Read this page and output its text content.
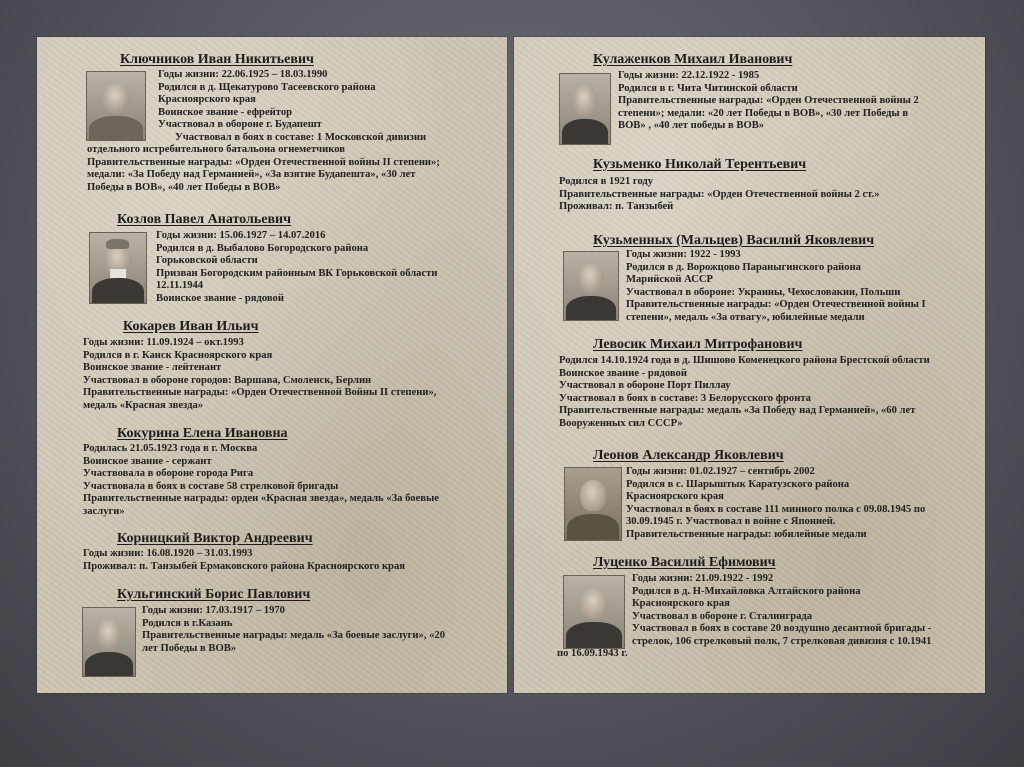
Ключников Иван Никитьевич
Годы жизни: 22.06.1925 – 18.03.1990
Родился в д. Щекатурово Тасеевского района
Красноярского края
Воинское звание - ефрейтор
Участвовал в обороне г. Будапешт
Участвовал в боях в составе: 1 Московской дивизии
отдельного истребительного батальона огнеметчиков
Правительственные награды: «Орден Отечественной войны II степени»;
медали: «За Победу над Германией», «За взятие Будапешта», «30 лет
Победы в ВОВ», «40 лет Победы в ВОВ»
Козлов Павел Анатольевич
Годы жизни: 15.06.1927 – 14.07.2016
Родился в д. Выбалово Богородского района
Горьковской области
Призван Богородским районным ВК Горьковской области
12.11.1944
Воинское звание - рядовой
Кокарев Иван Ильич
Годы жизни: 11.09.1924 – окт.1993
Родился в г. Канск Красноярского края
Воинское звание - лейтенант
Участвовал в обороне городов: Варшава, Смоленск, Берлин
Правительственные награды: «Орден Отечественной Войны II степени»,
медаль «Красная звезда»
Кокурина Елена Ивановна
Родилась 21.05.1923 года в г. Москва
Воинское звание - сержант
Участвовала в обороне города Рига
Участвовала в боях в составе 58 стрелковой бригады
Правительственные награды: орден «Красная звезда», медаль «За боевые
заслуги»
Корницкий Виктор Андреевич
Годы жизни: 16.08.1920 – 31.03.1993
Проживал: п. Танзыбей Ермаковского района Красноярского края
Кульгинский Борис Павлович
Годы жизни: 17.03.1917 – 1970
Родился в г.Казань
Правительственные награды: медаль «За боевые заслуги», «20
лет Победы в ВОВ»
Кулаженков Михаил Иванович
Годы жизни: 22.12.1922 - 1985
Родился в г. Чита Читинской области
Правительственные награды: «Орден Отечественной войны 2
степени»; медали: «20 лет Победы в ВОВ», «30 лет Победы в
ВОВ» , «40 лет победы в ВОВ»
Кузьменко Николай Терентьевич
Родился в 1921 году
Правительственные награды: «Орден Отечественной войны 2 ст.»
Проживал: п. Танзыбей
Кузьменных (Мальцев) Василий Яковлевич
Годы жизни: 1922 - 1993
Родился в д. Ворожцово Параныгинского района
Марийской АССР
Участвовал в обороне: Украины, Чехословакии, Польши
Правительственные награды: «Орден Отечественной войны I
степени», медаль «За отвагу», юбилейные медали
Левосик Михаил Митрофанович
Родился 14.10.1924 года в д. Шишово Коменецкого района Брестской области
Воинское звание - рядовой
Участвовал в обороне Порт Пиллау
Участвовал в боях в составе: 3 Белорусского фронта
Правительственные награды: медаль «За Победу над Германией», «60 лет
Вооруженных сил СССР»
Леонов Александр Яковлевич
Годы жизни: 01.02.1927 – сентябрь 2002
Родился в с. Шарыштык Каратузского района
Красноярского края
Участвовал в боях в составе 111 минного полка с 09.08.1945 по
30.09.1945 г. Участвовал в войне с Японией.
Правительственные награды: юбилейные медали
Луценко Василий Ефимович
Годы жизни: 21.09.1922 - 1992
Родился в д. Н-Михайловка Алтайского района
Красноярского края
Участвовал в обороне г. Сталинграда
Участвовал в боях в составе 20 воздушно десантной бригады -
стрелок, 106 стрелковый полк, 7 стрелковая дивизия с 10.1941
по 16.09.1943 г.
